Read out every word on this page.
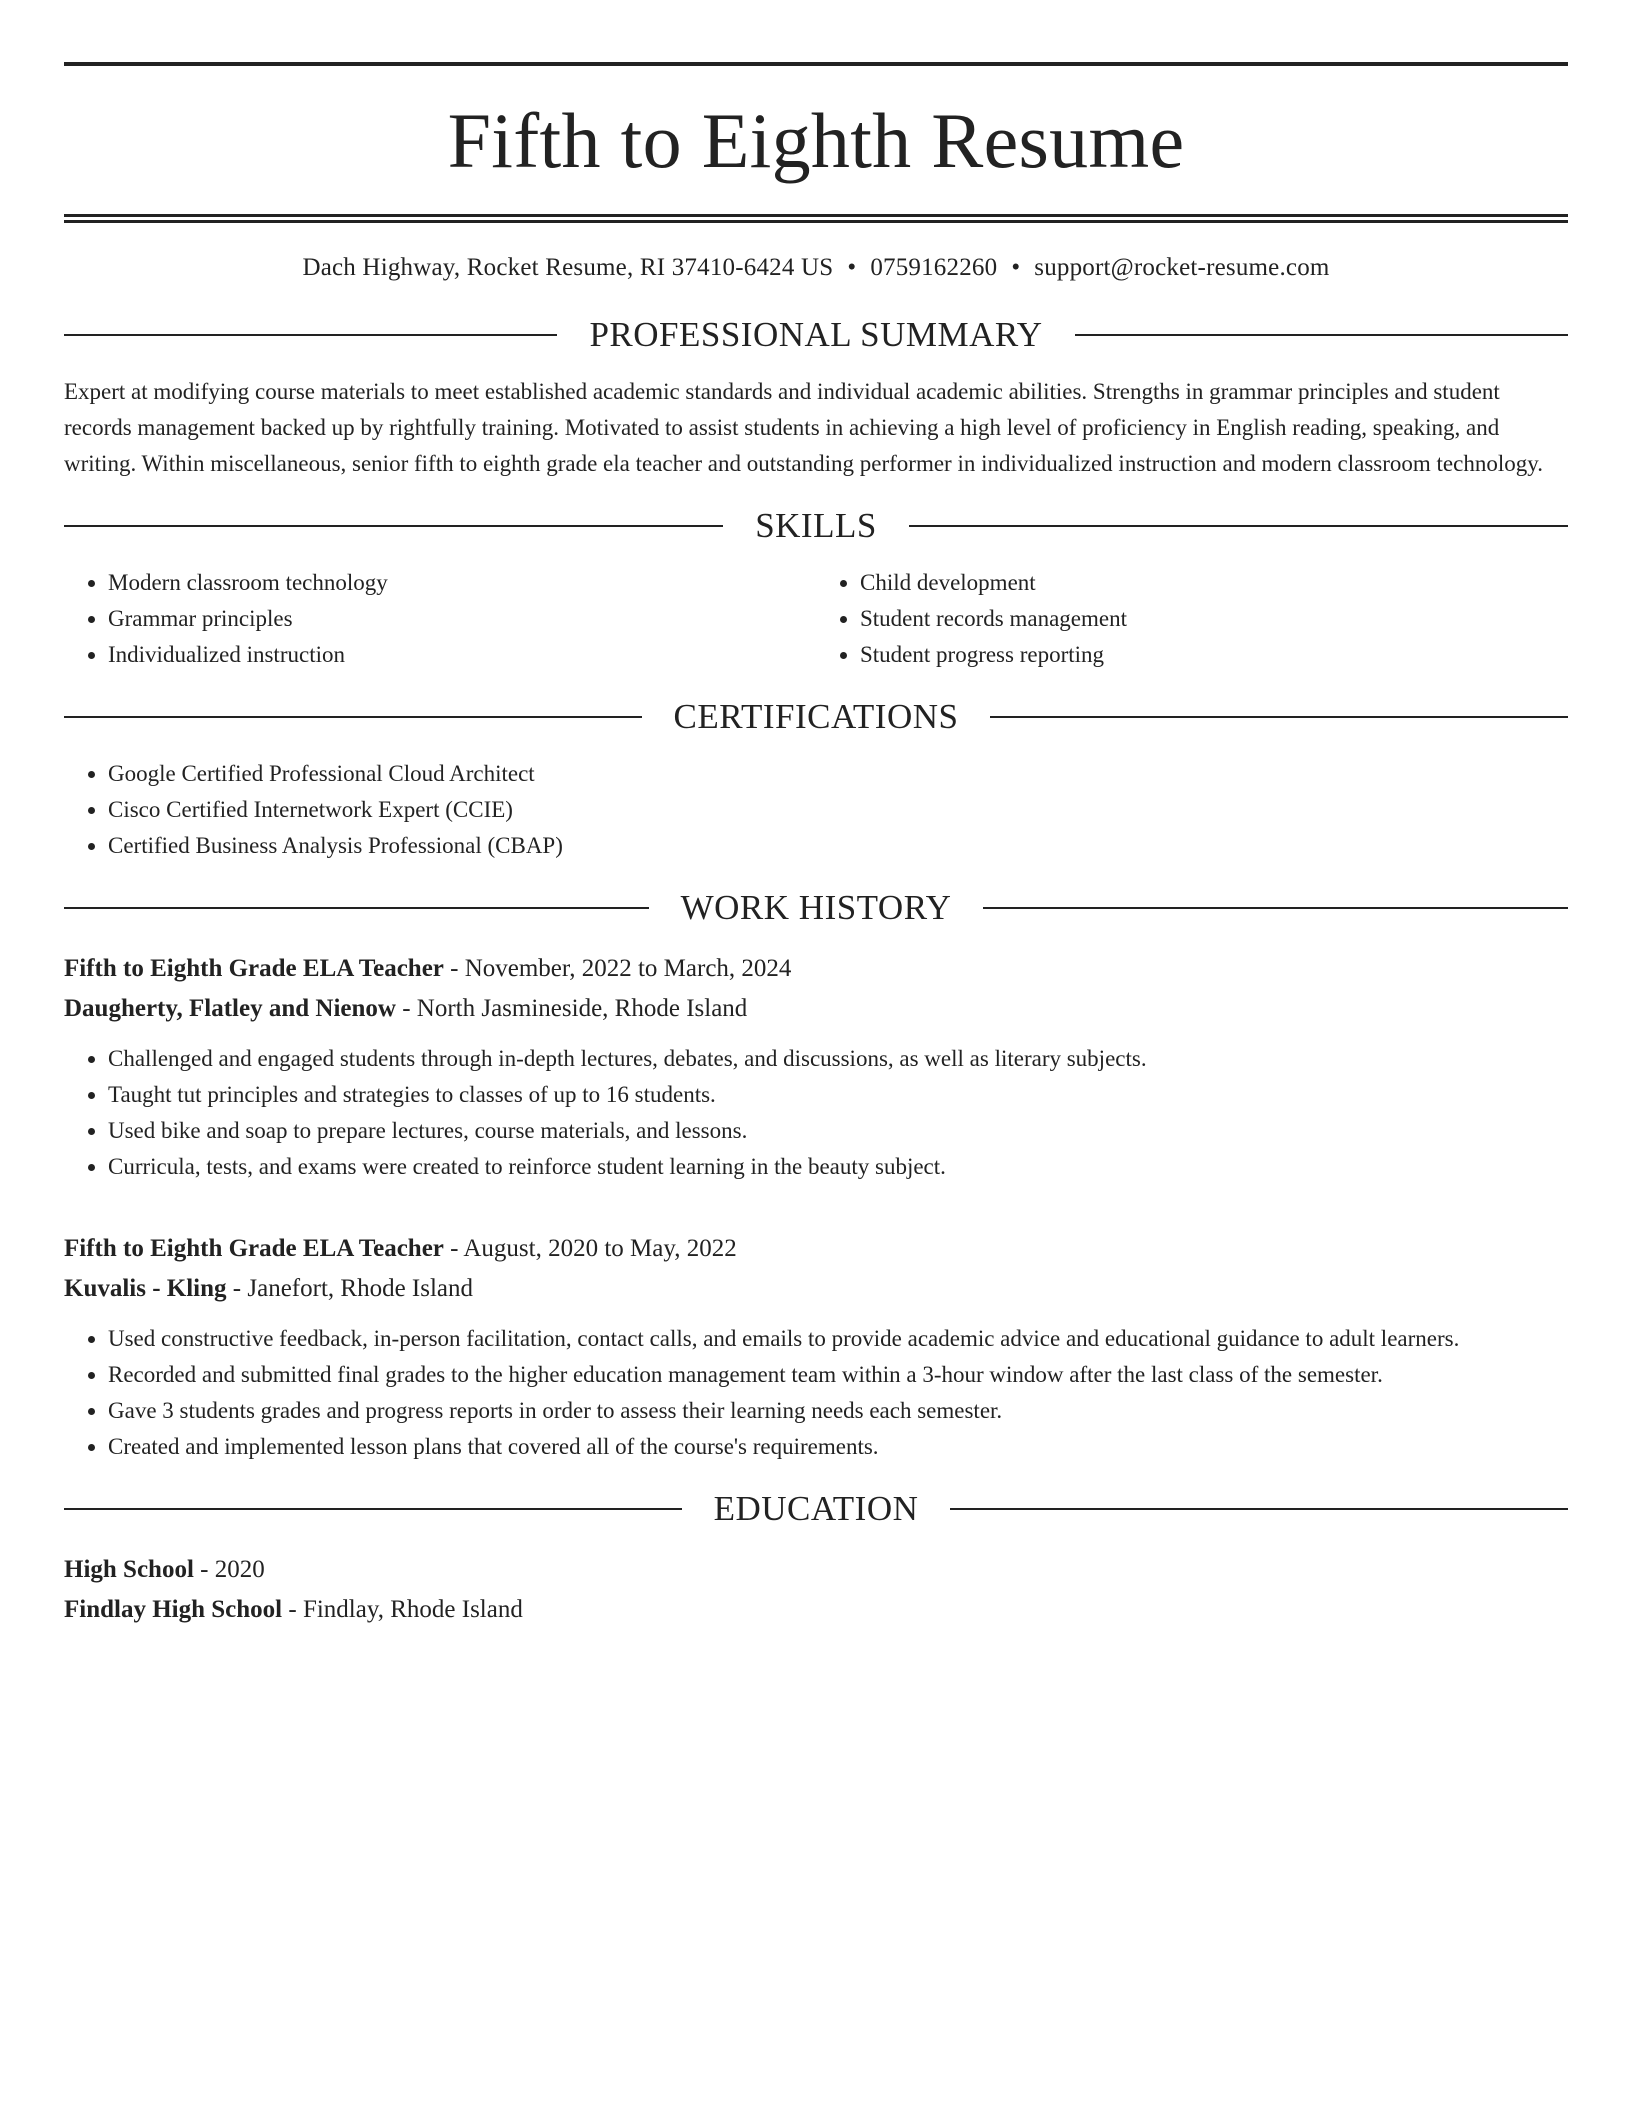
Fifth to Eighth Resume
Dach Highway, Rocket Resume, RI 37410-6424 US • 0759162260 • support@rocket-resume.com
PROFESSIONAL SUMMARY

Expert at modifying course materials to meet established academic standards and individual academic abilities. Strengths in grammar principles and student records management backed up by rightfully training. Motivated to assist students in achieving a high level of proficiency in English reading, speaking, and writing. Within miscellaneous, senior fifth to eighth grade ela teacher and outstanding performer in individualized instruction and modern classroom technology.

SKILLS
• Modern classroom technology
• Grammar principles
• Individualized instruction
• Child development
• Student records management
• Student progress reporting
CERTIFICATIONS
• Google Certified Professional Cloud Architect
• Cisco Certified Internetwork Expert (CCIE)
• Certified Business Analysis Professional (CBAP)
WORK HISTORY
Fifth to Eighth Grade ELA Teacher - November, 2022 to March, 2024
Daugherty, Flatley and Nienow - North Jasmineside, Rhode Island
• Challenged and engaged students through in-depth lectures, debates, and discussions, as well as literary subjects.
• Taught tut principles and strategies to classes of up to 16 students.
• Used bike and soap to prepare lectures, course materials, and lessons.
• Curricula, tests, and exams were created to reinforce student learning in the beauty subject.
Fifth to Eighth Grade ELA Teacher - August, 2020 to May, 2022
Kuvalis - Kling - Janefort, Rhode Island
• Used constructive feedback, in-person facilitation, contact calls, and emails to provide academic advice and educational guidance to adult learners.
• Recorded and submitted final grades to the higher education management team within a 3-hour window after the last class of the semester.
• Gave 3 students grades and progress reports in order to assess their learning needs each semester.
• Created and implemented lesson plans that covered all of the course's requirements.
EDUCATION
High School - 2020
Findlay High School - Findlay, Rhode Island
